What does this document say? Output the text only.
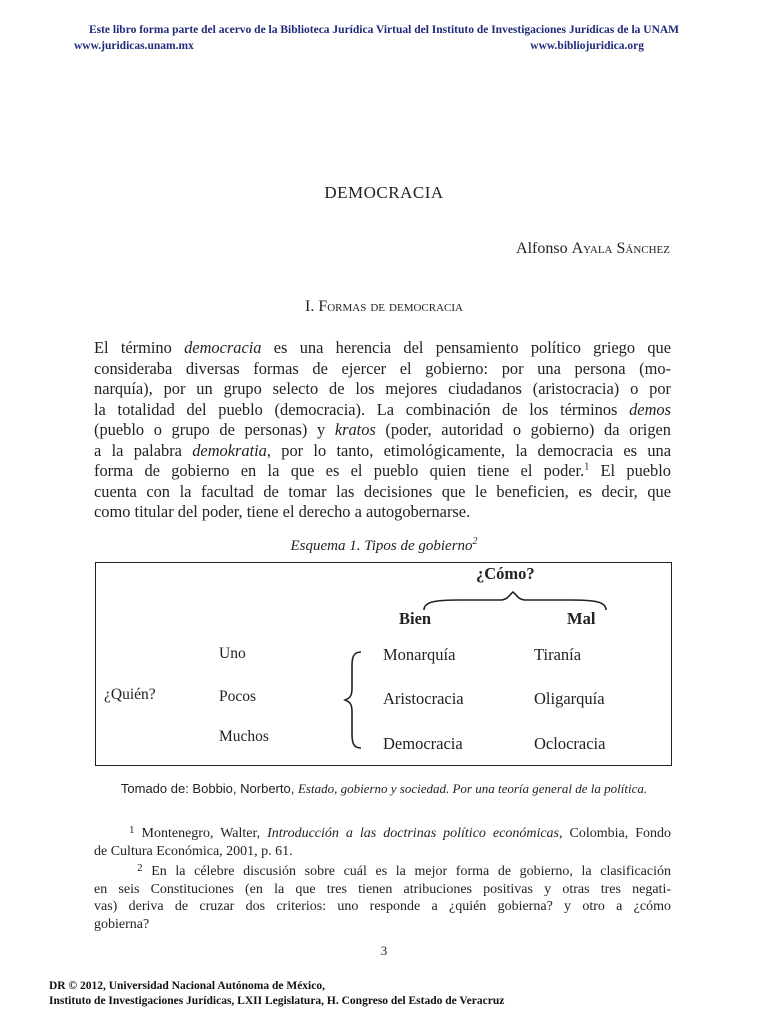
Este libro forma parte del acervo de la Biblioteca Jurídica Virtual del Instituto de Investigaciones Jurídicas de la UNAM
www.juridicas.unam.mx	www.bibliojuridica.org
DEMOCRACIA
Alfonso Ayala Sánchez
I. Formas de democracia
El término democracia es una herencia del pensamiento político griego que
consideraba diversas formas de ejercer el gobierno: por una persona (mo-
narquía), por un grupo selecto de los mejores ciudadanos (aristocracia) o por
la totalidad del pueblo (democracia). La combinación de los términos demos
(pueblo o grupo de personas) y kratos (poder, autoridad o gobierno) da origen
a la palabra demokratia, por lo tanto, etimológicamente, la democracia es una
forma de gobierno en la que es el pueblo quien tiene el poder.$^1$ El pueblo
cuenta con la facultad de tomar las decisiones que le beneficien, es decir, que
como titular del poder, tiene el derecho a autogobernarse.
Esquema 1. Tipos de gobierno$^2$
¿Cómo?
Bien	Mal
¿Quién?
Uno
Pocos
Muchos
Monarquía
Aristocracia
Democracia
Tiranía
Oligarquía
Oclocracia
Tomado de: Bobbio, Norberto, Estado, gobierno y sociedad. Por una teoría general de la política.
$^1$ Montenegro, Walter, Introducción a las doctrinas político económicas, Colombia, Fondo
de Cultura Económica, 2001, p. 61.
$^2$ En la célebre discusión sobre cuál es la mejor forma de gobierno, la clasificación
en seis Constituciones (en la que tres tienen atribuciones positivas y otras tres negati-
vas) deriva de cruzar dos criterios: uno responde a ¿quién gobierna? y otro a ¿cómo
gobierna?
3
DR © 2012, Universidad Nacional Autónoma de México,
Instituto de Investigaciones Jurídicas, LXII Legislatura, H. Congreso del Estado de Veracruz
